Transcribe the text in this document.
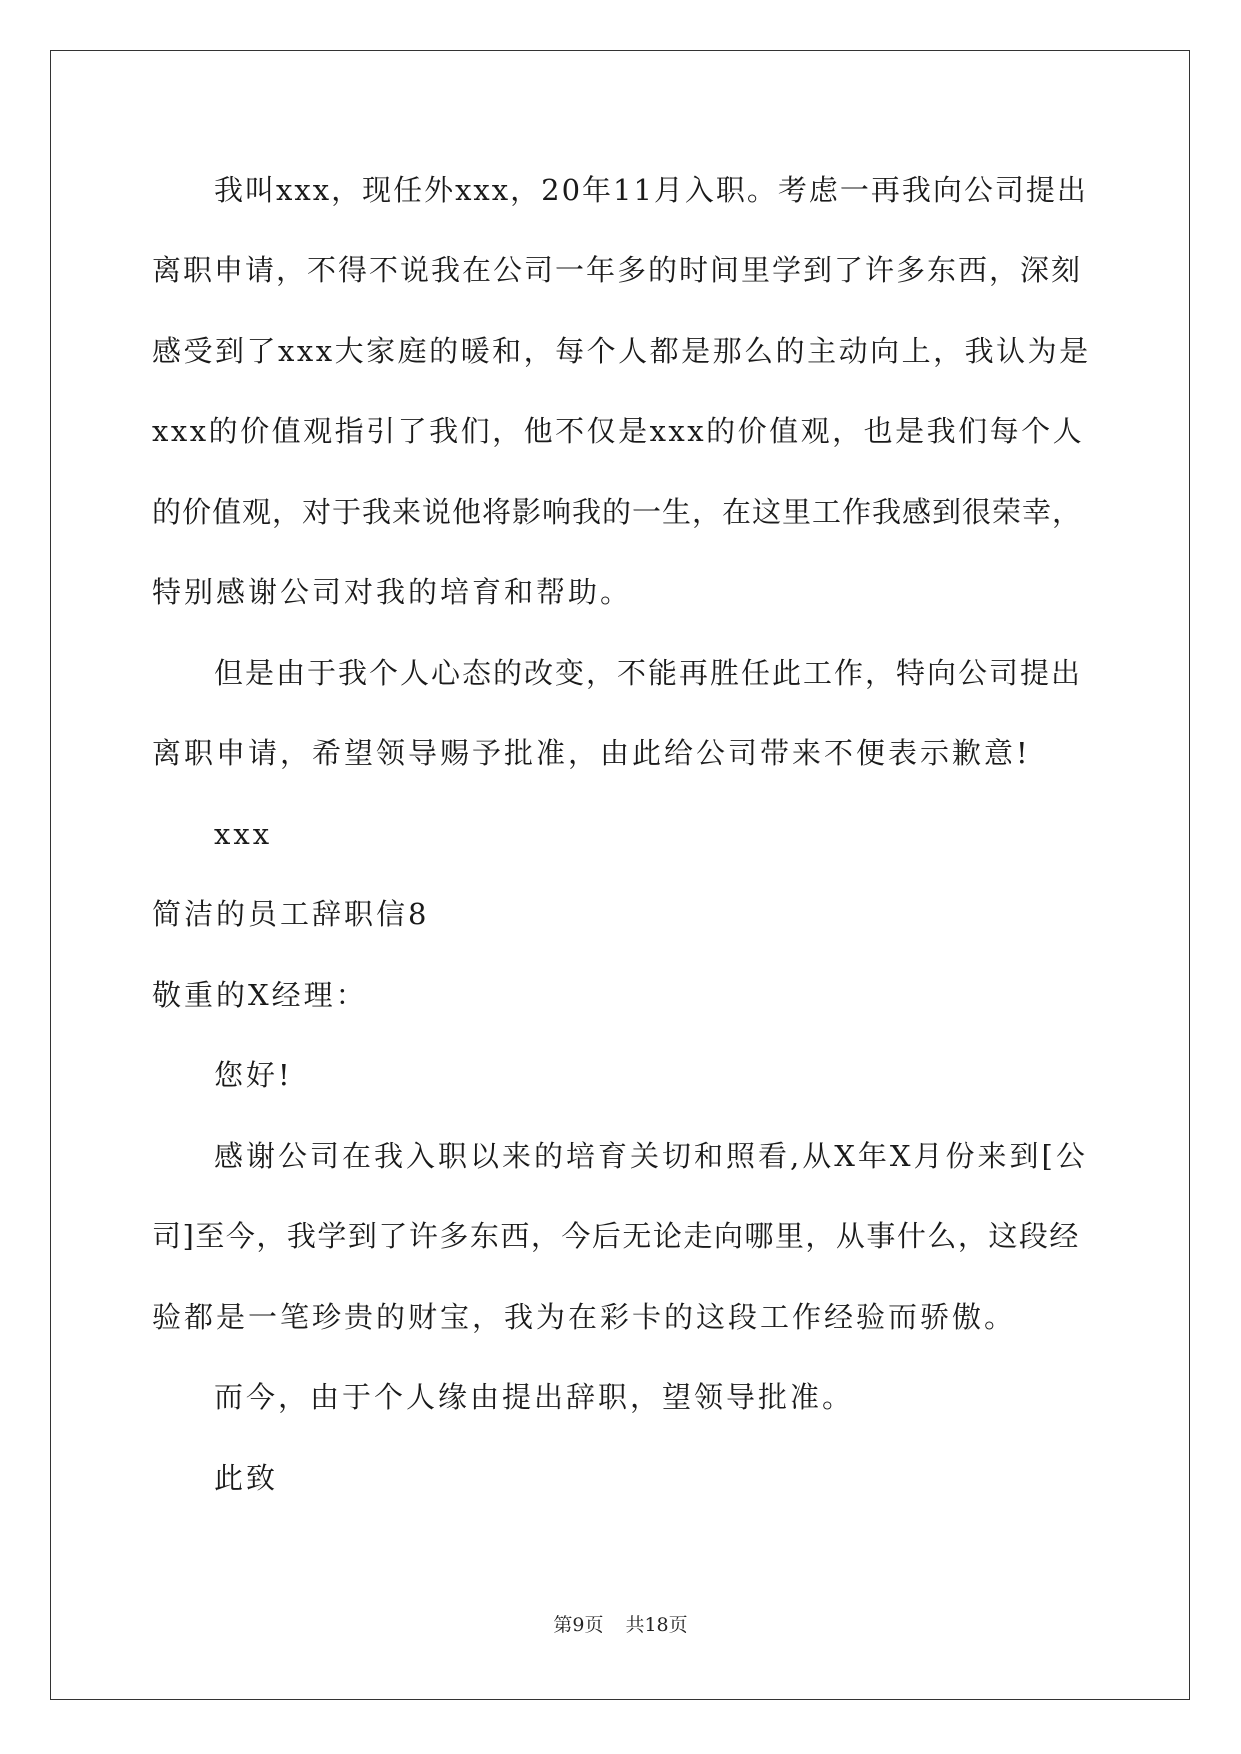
我叫xxx，现任外xxx，20年11月入职。考虑一再我向公司提出
离职申请，不得不说我在公司一年多的时间里学到了许多东西，深刻
感受到了xxx大家庭的暖和，每个人都是那么的主动向上，我认为是
xxx的价值观指引了我们，他不仅是xxx的价值观，也是我们每个人
的价值观，对于我来说他将影响我的一生，在这里工作我感到很荣幸，
特别感谢公司对我的培育和帮助。
但是由于我个人心态的改变，不能再胜任此工作，特向公司提出
离职申请，希望领导赐予批准，由此给公司带来不便表示歉意!
xxx
简洁的员工辞职信8
敬重的X经理：
您好!
感谢公司在我入职以来的培育关切和照看,从X年X月份来到[公
司]至今，我学到了许多东西，今后无论走向哪里，从事什么，这段经
验都是一笔珍贵的财宝，我为在彩卡的这段工作经验而骄傲。
而今，由于个人缘由提出辞职，望领导批准。
此致
第9页 共18页
